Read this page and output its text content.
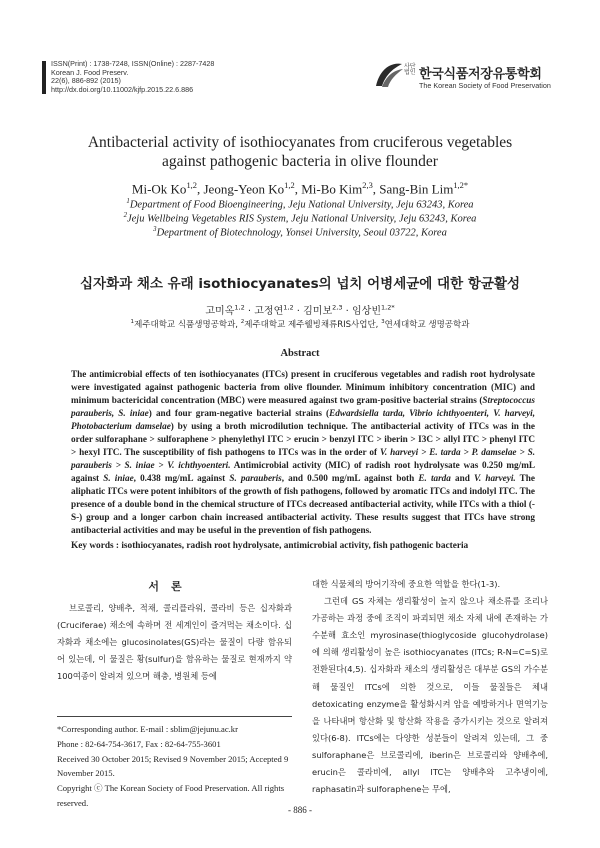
ISSN(Print) : 1738-7248, ISSN(Online) : 2287-7428
Korean J. Food Preserv.
22(6), 886-892 (2015)
http://dx.doi.org/10.11002/kjfp.2015.22.6.886
사단법인 한국식품저장유통학회
The Korean Society of Food Preservation
Antibacterial activity of isothiocyanates from cruciferous vegetables
against pathogenic bacteria in olive flounder
Mi-Ok Ko$^{1,2}$, Jeong-Yeon Ko$^{1,2}$, Mi-Bo Kim$^{2,3}$, Sang-Bin Lim$^{1,2*}$
$^1$Department of Food Bioengineering, Jeju National University, Jeju 63243, Korea
$^2$Jeju Wellbeing Vegetables RIS System, Jeju National University, Jeju 63243, Korea
$^3$Department of Biotechnology, Yonsei University, Seoul 03722, Korea
십자화과 채소 유래 isothiocyanates의 넙치 어병세균에 대한 항균활성
고미옥$^{1,2}$ · 고정연$^{1,2}$ · 김미보$^{2,3}$ · 임상빈$^{1,2*}$
$^1$제주대학교 식품생명공학과, $^2$제주대학교 제주웰빙채류RIS사업단, $^3$연세대학교 생명공학과
Abstract
The antimicrobial effects of ten isothiocyanates (ITCs) present in cruciferous vegetables and radish root hydrolysate were investigated against pathogenic bacteria from olive flounder. Minimum inhibitory concentration (MIC) and minimum bactericidal concentration (MBC) were measured against two gram-positive bacterial strains (Streptococcus parauberis, S. iniae) and four gram-negative bacterial strains (Edwardsiella tarda, Vibrio ichthyoenteri, V. harveyi, Photobacterium damselae) by using a broth microdilution technique. The antibacterial activity of ITCs was in the order sulforaphane > sulforaphene > phenylethyl ITC > erucin > benzyl ITC > iberin > I3C > allyl ITC > phenyl ITC > hexyl ITC. The susceptibility of fish pathogens to ITCs was in the order of V. harveyi > E. tarda > P. damselae > S. parauberis > S. iniae > V. ichthyoenteri. Antimicrobial activity (MIC) of radish root hydrolysate was 0.250 mg/mL against S. iniae, 0.438 mg/mL against S. parauberis, and 0.500 mg/mL against both E. tarda and V. harveyi. The aliphatic ITCs were potent inhibitors of the growth of fish pathogens, followed by aromatic ITCs and indolyl ITC. The presence of a double bond in the chemical structure of ITCs decreased antibacterial activity, while ITCs with a thiol (-S-) group and a longer carbon chain increased antibacterial activity. These results suggest that ITCs have strong antibacterial activities and may be useful in the prevention of fish pathogens.
Key words : isothiocyanates, radish root hydrolysate, antimicrobial activity, fish pathogenic bacteria
서론

브로콜리, 양배추, 적채, 콜리플라워, 콜라비 등은 십자화과(Cruciferae) 채소에 속하며 전 세계인이 즐겨먹는 채소이다. 십자화과 채소에는 glucosinolates(GS)라는 물질이 다량 함유되어 있는데, 이 물질은 황(sulfur)을 함유하는 물질로 현재까지 약 100여종이 알려져 있으며 해충, 병원체 등에

대한 식물체의 방어기작에 중요한 역할을 한다(1-3).

그런데 GS 자체는 생리활성이 높지 않으나 채소류를 조리나 가공하는 과정 중에 조직이 파괴되면 채소 자체 내에 존재하는 가수분해 효소인 myrosinase(thioglycoside glucohydrolase)에 의해 생리활성이 높은 isothiocyanates (ITCs; R-N=C=S)로 전환된다(4,5). 십자화과 채소의 생리활성은 대부분 GS의 가수분해 물질인 ITCs에 의한 것으로, 이들 물질들은 체내 detoxicating enzyme을 활성화시켜 암을 예방하거나 면역기능을 나타내며 항산화 및 항산화 작용을 증가시키는 것으로 알려져 있다(6-8). ITCs에는 다양한 성분들이 알려져 있는데, 그 중 sulforaphane은 브로콜리에, iberin은 브로콜리와 양배추에, erucin은 콜라비에, allyl ITC는 양배추와 고추냉이에, raphasatin과 sulforaphene는 무에,

*Corresponding author. E-mail : sblim@jejunu.ac.kr

Phone : 82-64-754-3617, Fax : 82-64-755-3601

Received 30 October 2015; Revised 9 November 2015; Accepted 9 November 2015.

Copyright ⓒ The Korean Society of Food Preservation. All rights reserved.

- 886 -
